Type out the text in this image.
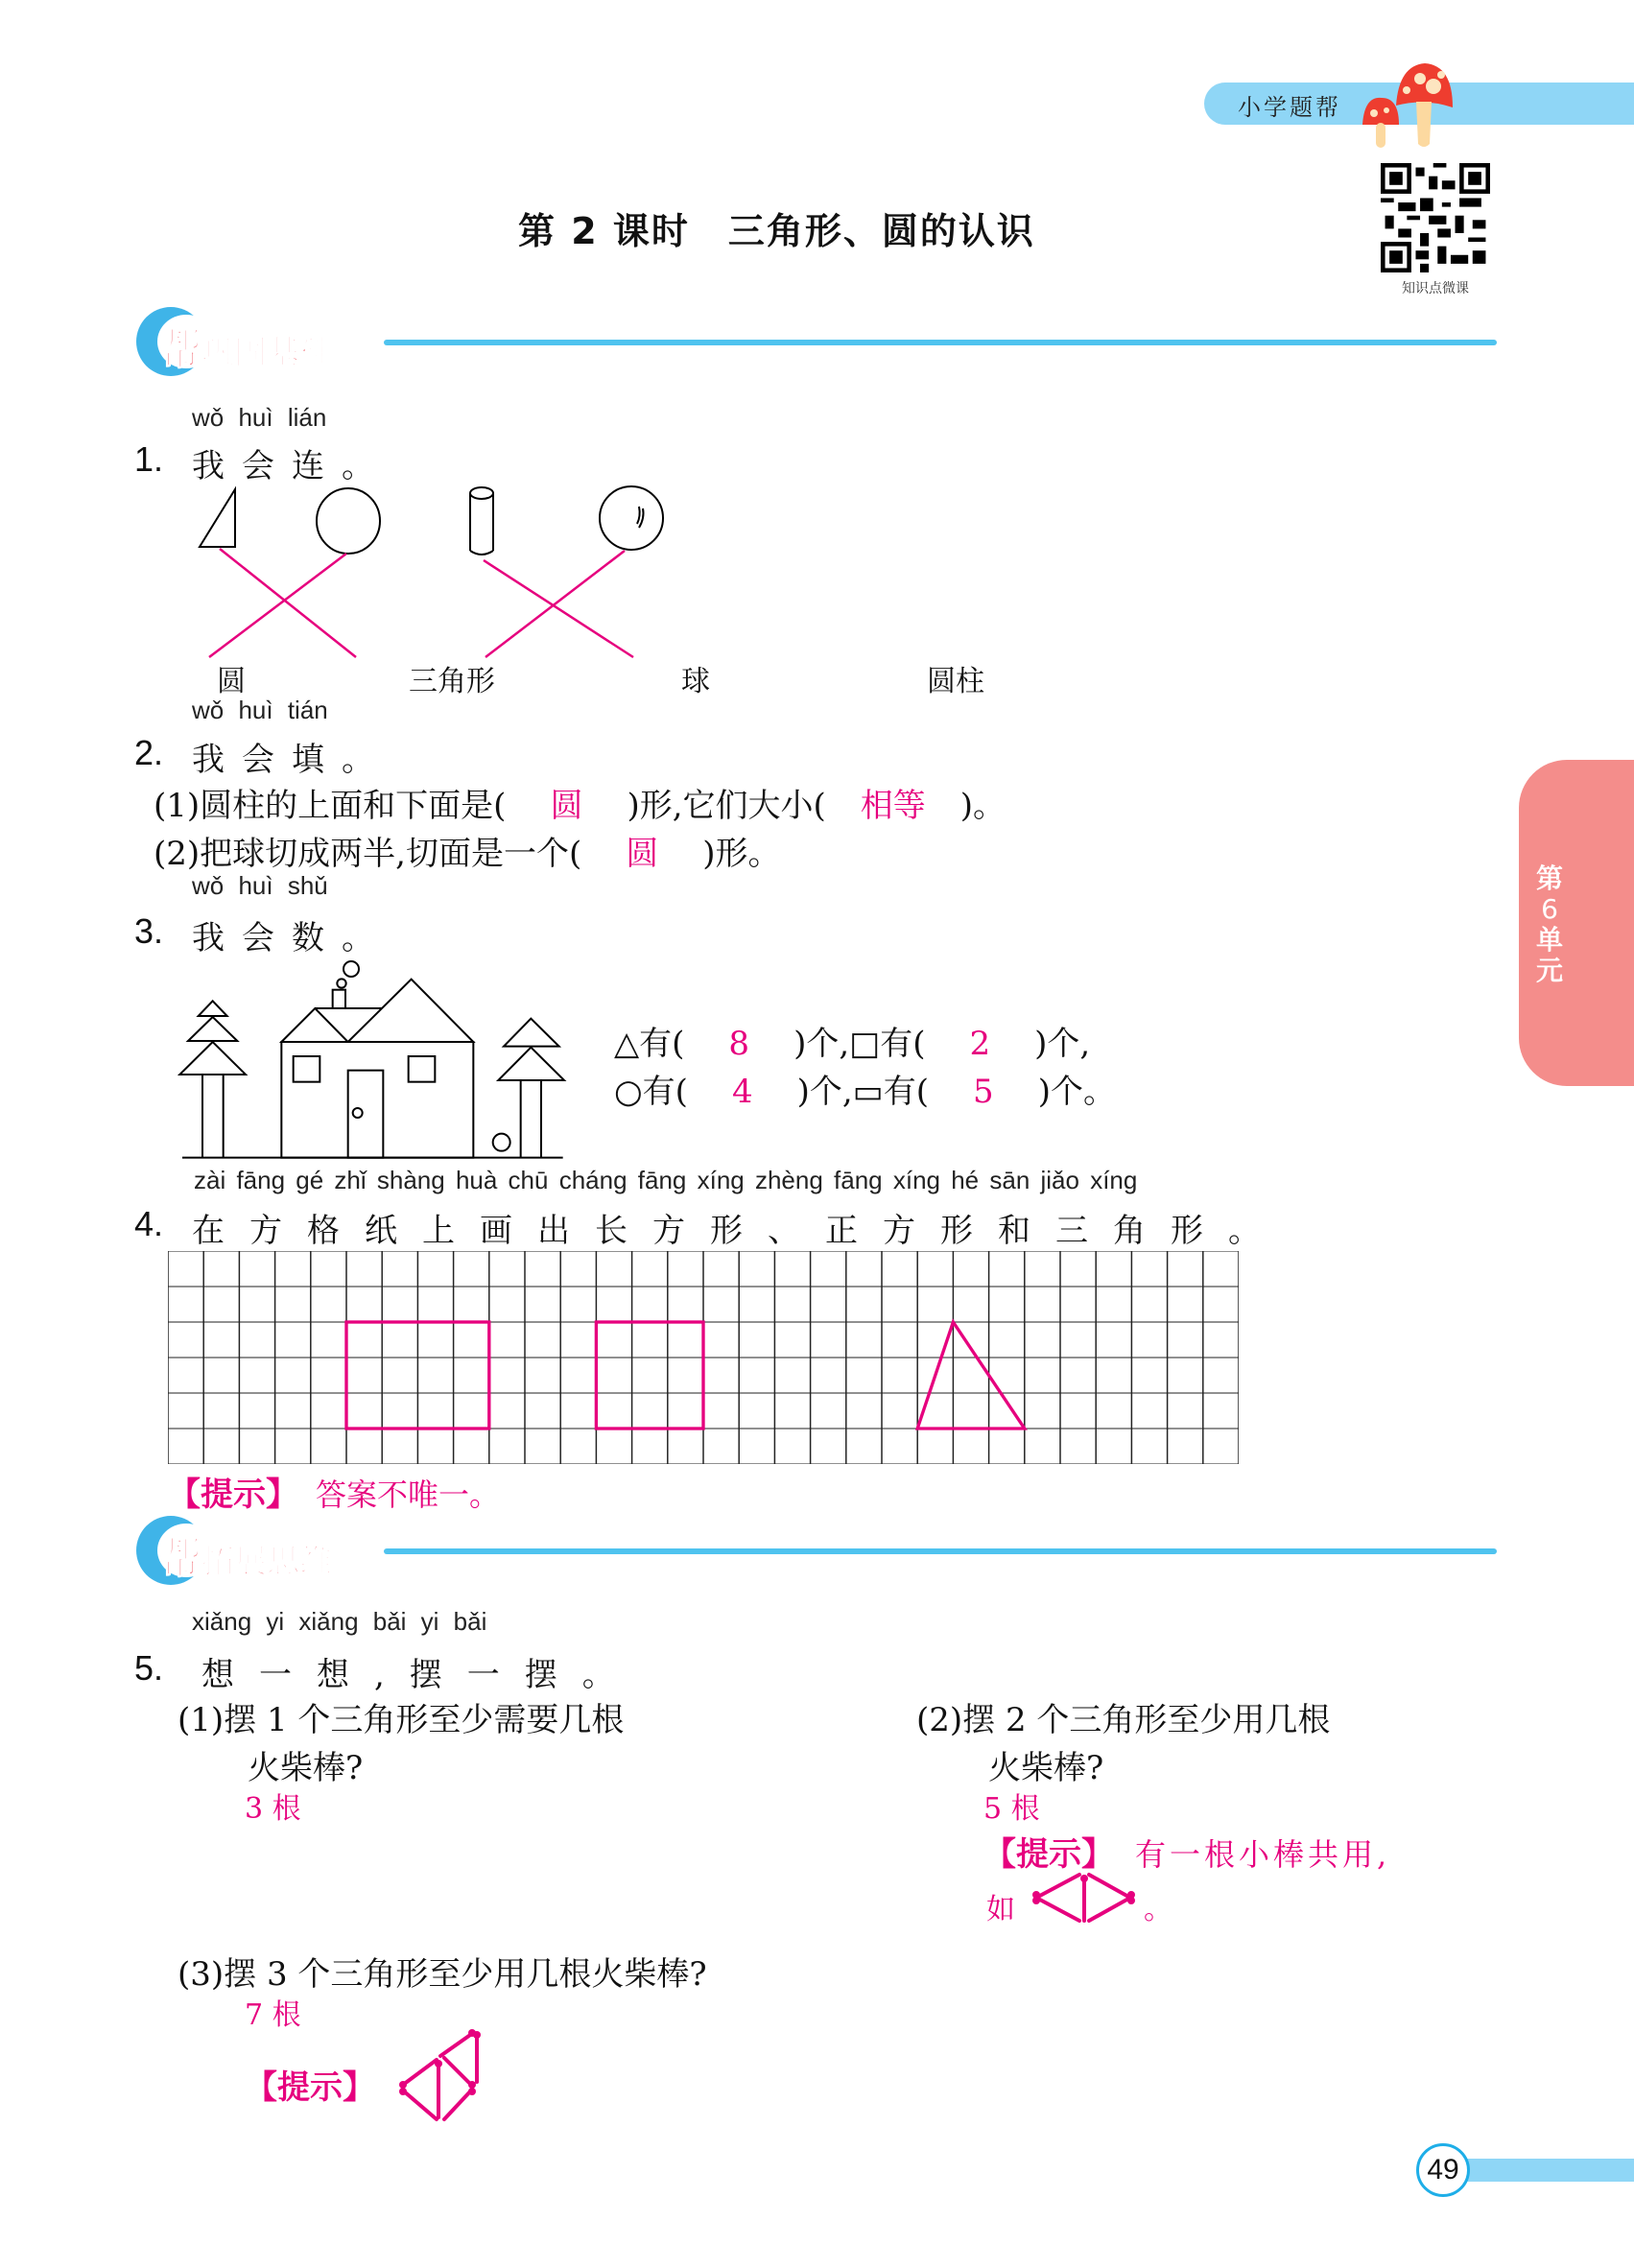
小学题帮
知识点微课
第 2 课时　三角形、圆的认识
帮巩固基础
wǒ huì lián
1. 我会连。
圆	三角形	球	圆柱
wǒ huì tián
2. 我会填。
(1)圆柱的上面和下面是( 圆 )形,它们大小( 相等 )。
(2)把球切成两半,切面是一个( 圆 )形。
wǒ huì shǔ
3. 我会数。
△有( 8 )个,□有( 2 )个,
○有( 4 )个,▭有( 5 )个。
zài fāng gé zhǐ shàng huà chū cháng fāng xíng zhèng fāng xíng hé sān jiǎo xíng
4. 在方格纸上画出长方形、正方形和三角形。
【提示】 答案不唯一。
帮拓展思维
xiǎng yi xiǎng bǎi yi bǎi
5. 想一想,摆一摆。
(1)摆 1 个三角形至少需要几根
火柴棒?
3 根
(2)摆 2 个三角形至少用几根
火柴棒?
5 根
【提示】 有一根小棒共用,
如	。
(3)摆 3 个三角形至少用几根火柴棒?
7 根
【提示】
第
6
单
元
49
